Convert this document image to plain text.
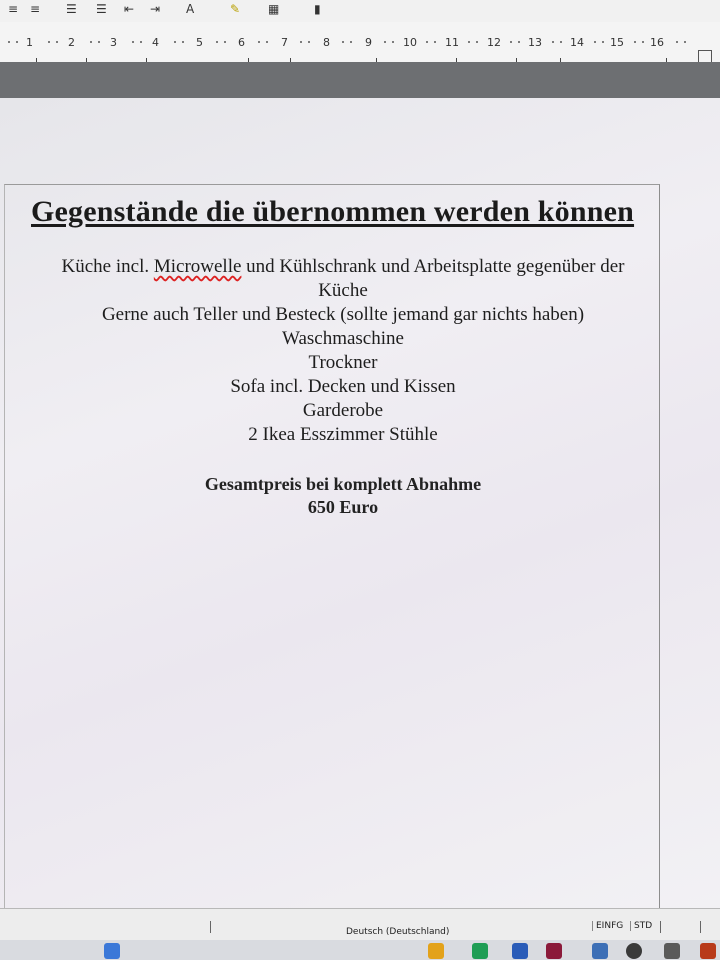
≡ ≡ ☰ ☰ ⇤ ⇥ A	✎ ▦	▮
1	2	3	4	5	6	7	8	9	10	11	12 13	14 15 16
Gegenstände die übernommen werden können
Küche incl. Microwelle und Kühlschrank und Arbeitsplatte gegenüber der
Küche
Gerne auch Teller und Besteck (sollte jemand gar nichts haben)
Waschmaschine
Trockner
Sofa incl. Decken und Kissen
Garderobe
2 Ikea Esszimmer Stühle
Gesamtpreis bei komplett Abnahme
650 Euro
Deutsch (Deutschland)
EINFG	STD
